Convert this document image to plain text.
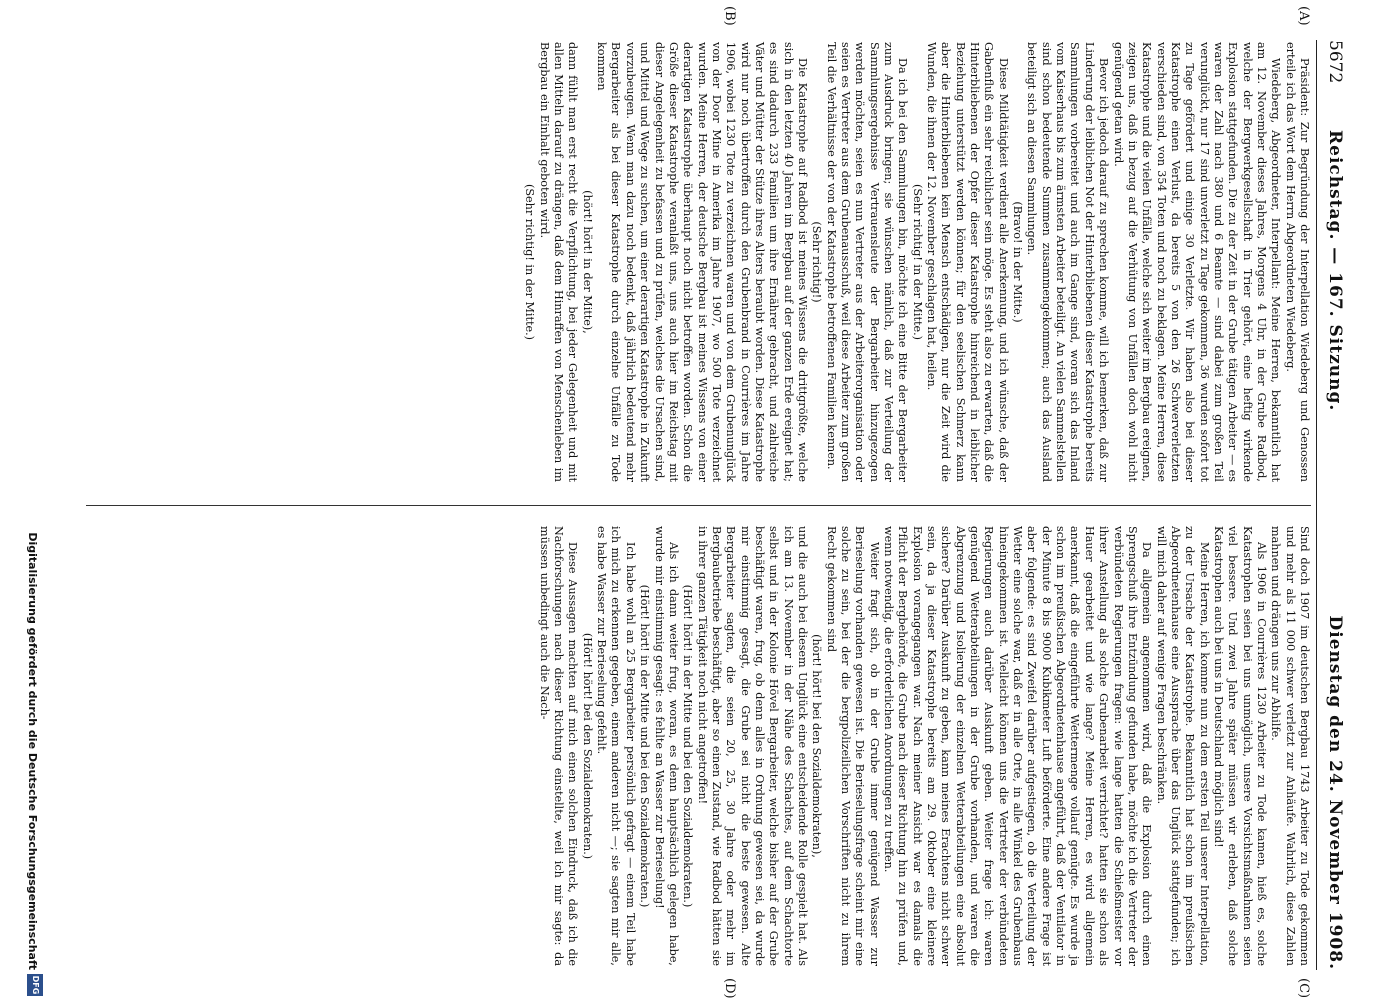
5672
Reichstag. — 167. Sitzung.
Dienstag den 24. November 1908.
(A)
(B)
(C)
(D)

Präsident: Zur Begründung der Interpellation Wiedeberg und Genossen erteile ich das Wort dem Herrn Abgeordneten Wiedeberg.

Wiedeberg, Abgeordneter, Interpellant: Meine Herren, bekanntlich hat am 12. November dieses Jahres, Morgens 4 Uhr, in der Grube Radbod, welche der Bergwerkgesellschaft in Trier gehört, eine heftig wirkende Explosion stattgefunden. Die zu der Zeit in der Grube tätigen Arbeiter — es waren der Zahl nach 380 und 6 Beamte — sind dabei zum großen Teil verunglückt, nur 17 sind unverletzt zu Tage gekommen, 36 wurden sofort tot zu Tage gefördert und einige 30 Verletzte. Wir haben also bei dieser Katastrophe einen Verlust, da bereits 5 von den 26 Schwerverletzten verschieden sind, von 354 Toten und noch zu beklagen. Meine Herren, diese Katastrophe und die vielen Unfälle, welche sich weiter im Bergbau ereignen, zeigen uns, daß in bezug auf die Verhütung von Unfällen doch wohl nicht genügend getan wird.

Bevor ich jedoch darauf zu sprechen komme, will ich bemerken, daß zur Linderung der leiblichen Not der Hinterbliebenen dieser Katastrophe bereits Sammlungen vorbereitet und auch im Gange sind, woran sich das Inland vom Kaiserhaus bis zum ärmsten Arbeiter beteiligt. An vielen Sammelstellen sind schon bedeutende Summen zusammengekommen; auch das Ausland beteiligt sich an diesen Sammlungen.

(Bravo! in der Mitte.)

Diese Mildtätigkeit verdient alle Anerkennung, und ich wünsche, daß der Gabenfluß ein sehr reichlicher sein möge. Es steht also zu erwarten, daß die Hinterbliebenen der Opfer dieser Katastrophe hinreichend in leiblicher Beziehung unterstützt werden können; für den seelischen Schmerz kann aber die Hinterbliebenen kein Mensch entschädigen, nur die Zeit wird die Wunden, die ihnen der 12. November geschlagen hat, heilen.

(Sehr richtig! in der Mitte.)

Da ich bei den Sammlungen bin, möchte ich eine Bitte der Bergarbeiter zum Ausdruck bringen; sie wünschen nämlich, daß zur Verteilung der Sammlungsergebnisse Vertrauensleute der Bergarbeiter hinzugezogen werden möchten, seien es nun Vertreter aus der Arbeiterorganisation oder seien es Vertreter aus dem Grubenausschuß, weil diese Arbeiter zum großen Teil die Verhältnisse der von der Katastrophe betroffenen Familien kennen.

(Sehr richtig!)

Die Katastrophe auf Radbod ist meines Wissens die drittgrößte, welche sich in den letzten 40 Jahren im Bergbau auf der ganzen Erde ereignet hat; es sind dadurch 233 Familien um ihre Ernährer gebracht, und zahlreiche Väter und Mütter der Stütze ihres Alters beraubt worden. Diese Katastrophe wird nur noch übertroffen durch den Grubenbrand in Courrières im Jahre 1906, wobei 1230 Tote zu verzeichnen waren und von dem Grubenunglück von der Door Mine in Amerika im Jahre 1907, wo 500 Tote verzeichnet wurden. Meine Herren, der deutsche Bergbau ist meines Wissens von einer derartigen Katastrophe überhaupt noch nicht betroffen worden. Schon die Größe dieser Katastrophe veranlaßt uns, uns auch hier im Reichstag mit dieser Angelegenheit zu befassen und zu prüfen, welches die Ursachen sind, und Mittel und Wege zu suchen, um einer derartigen Katastrophe in Zukunft vorzubeugen. Wenn man dazu noch bedenkt, daß jährlich bedeutend mehr Bergarbeiter als bei dieser Katastrophe durch einzelne Unfälle zu Tode kommen

(hört! hört! in der Mitte),

dann fühlt man erst recht die Verpflichtung, bei jeder Gelegenheit und mit allen Mitteln darauf zu drängen, daß dem Hinraffen von Menschenleben im Bergbau ein Einhalt geboten wird.

(Sehr richtig! in der Mitte.)

Sind doch 1907 im deutschen Bergbau 1743 Arbeiter zu Tode gekommen und mehr als 11 000 schwer verletzt zur Anhäufe. Wahrlich, diese Zahlen mahnen und drängen uns zur Abhilfe.

Als 1906 in Courrières 1230 Arbeiter zu Tode kamen, hieß es, solche Katastrophen seien bei uns unmöglich, unsere Vorsichtsmaßnahmen seien viel bessere. Und zwei Jahre später müssen wir erleben, daß solche Katastrophen auch bei uns in Deutschland möglich sind!

Meine Herren, ich komme nun zu dem ersten Teil unserer Interpellation, zu der Ursache der Katastrophe. Bekanntlich hat schon im preußischen Abgeordnetenhause eine Aussprache über das Unglück stattgefunden; ich will mich daher auf wenige Fragen beschränken.

Da allgemein angenommen wird, daß die Explosion durch einen Sprengschuß ihre Entzündung gefunden habe, möchte ich die Vertreter der verbündeten Regierungen fragen: wie lange hatten die Schießmeister vor ihrer Anstellung als solche Grubenarbeit verrichtet? hatten sie schon als Hauer gearbeitet und wie lange? Meine Herren, es wird allgemein anerkannt, daß die eingeführte Wettermenge vollauf genügte. Es wurde ja schon im preußischen Abgeordnetenhause angeführt, daß der Ventilator in der Minute 8 bis 9000 Kubikmeter Luft beförderte. Eine andere Frage ist aber folgende: es sind Zweifel darüber aufgestiegen, ob die Verteilung der Wetter eine solche war, daß er in alle Orte, in alle Winkel des Grubenbaus hineingekommen ist. Vielleicht können uns die Vertreter der verbündeten Regierungen auch darüber Auskunft geben. Weiter frage ich: waren genügend Wetterabteilungen in der Grube vorhanden, und waren die Abgrenzung und Isolierung der einzelnen Wetterabteilungen eine absolut sichere? Darüber Auskunft zu geben, kann meines Erachtens nicht schwer sein, da ja dieser Katastrophe bereits am 29. Oktober eine kleinere Explosion vorangegangen war. Nach meiner Ansicht war es damals die Pflicht der Bergbehörde, die Grube nach dieser Richtung hin zu prüfen und, wenn notwendig, die erforderlichen Anordnungen zu treffen.

Weiter fragt sich, ob in der Grube immer genügend Wasser zur Berieselung vorhanden gewesen ist. Die Berieselungsfrage scheint mir eine solche zu sein, bei der die bergpolizeilichen Vorschriften nicht zu ihrem Recht gekommen sind

(hört! hört! bei den Sozialdemokraten),

und die auch bei diesem Unglück eine entscheidende Rolle gespielt hat. Als ich am 13. November in der Nähe des Schachtes, auf dem Schachtorte selbst und in der Kolonie Hövel Bergarbeiter, welche bisher auf der Grube beschäftigt waren, frug, ob denn alles in Ordnung gewesen sei, da wurde mir einstimmig gesagt, die Grube sei nicht die beste gewesen. Alte Bergarbeiter sagten, die seien 20, 25, 30 Jahre oder mehr im Bergbaubetriebe beschäftigt, aber so einen Zustand, wie Radbod hätten sie in ihrer ganzen Tätigkeit noch nicht angetroffen!

(Hört! hört! in der Mitte und bei den Sozialdemokraten.)

Als ich dann weiter frug, woran, es denn hauptsächlich gelegen habe, wurde mir einstimmig gesagt: es fehlte an Wasser zur Berieselung!

(Hört! hört! in der Mitte und bei den Sozialdemokraten.)

Ich habe wohl an 25 Bergarbeiter persönlich gefragt — einem Teil habe ich mich zu erkennen gegeben, einem anderen nicht —; sie sagten mir alle, es habe Wasser zur Berieselung gefehlt.

(Hört! hört! bei den Sozialdemokraten.)

Diese Aussagen machten auf mich einen solchen Eindruck, daß ich die Nachforschungen nach dieser Richtung einstellte, weil ich mir sagte: da müssen unbedingt auch die Nach-

Digitalisierung gefördert durch die Deutsche Forschungsgemeinschaft
DFG
